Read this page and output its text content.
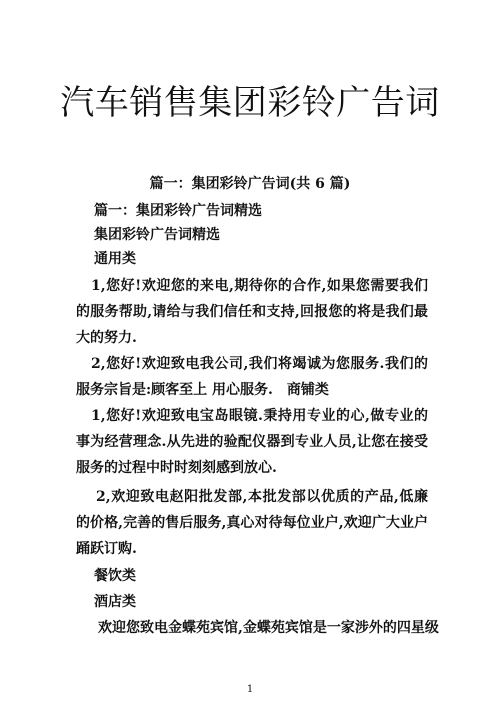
汽车销售集团彩铃广告词
篇一：集团彩铃广告词(共 6 篇)
篇一：集团彩铃广告词精选
集团彩铃广告词精选
通用类

1,您好!欢迎您的来电,期待你的合作,如果您需要我们的服务帮助,请给与我们信任和支持,回报您的将是我们最大的努力.

2,您好!欢迎致电我公司,我们将竭诚为您服务.我们的服务宗旨是:顾客至上 用心服务.　商铺类

1,您好!欢迎致电宝岛眼镜.秉持用专业的心,做专业的事为经营理念.从先进的验配仪器到专业人员,让您在接受服务的过程中时时刻刻感到放心.

2,欢迎致电赵阳批发部,本批发部以优质的产品,低廉的价格,完善的售后服务,真心对待每位业户,欢迎广大业户踊跃订购.

餐饮类
酒店类
欢迎您致电金蝶苑宾馆,金蝶苑宾馆是一家涉外的四星级
1
